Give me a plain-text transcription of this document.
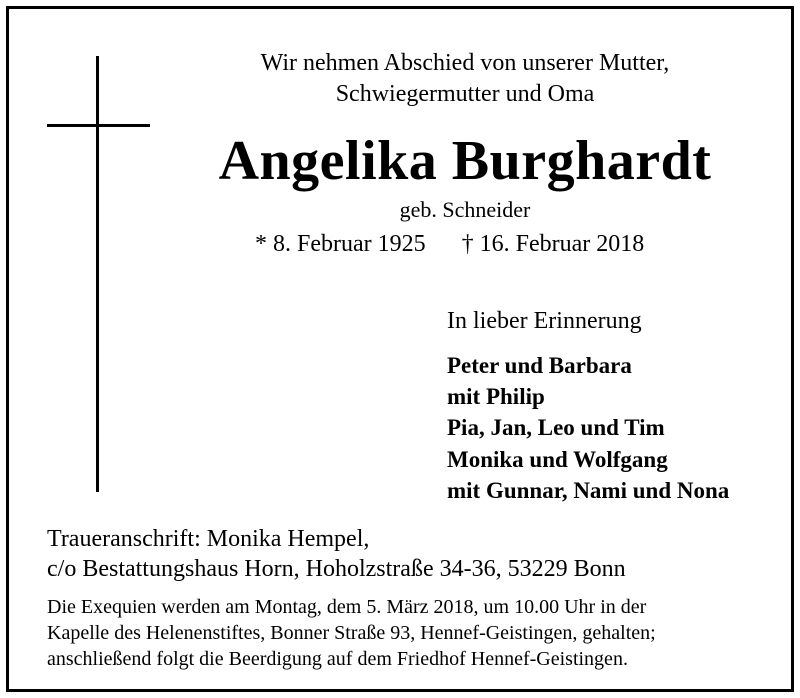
Wir nehmen Abschied von unserer Mutter,
Schwiegermutter und Oma
Angelika Burghardt
geb. Schneider
* 8. Februar 1925 † 16. Februar 2018
In lieber Erinnerung
Peter und Barbara
mit Philip
Pia, Jan, Leo und Tim
Monika und Wolfgang
mit Gunnar, Nami und Nona
Traueranschrift: Monika Hempel,
c/o Bestattungshaus Horn, Hoholzstraße 34-36, 53229 Bonn
Die Exequien werden am Montag, dem 5. März 2018, um 10.00 Uhr in der
Kapelle des Helenenstiftes, Bonner Straße 93, Hennef-Geistingen, gehalten;
anschließend folgt die Beerdigung auf dem Friedhof Hennef-Geistingen.
